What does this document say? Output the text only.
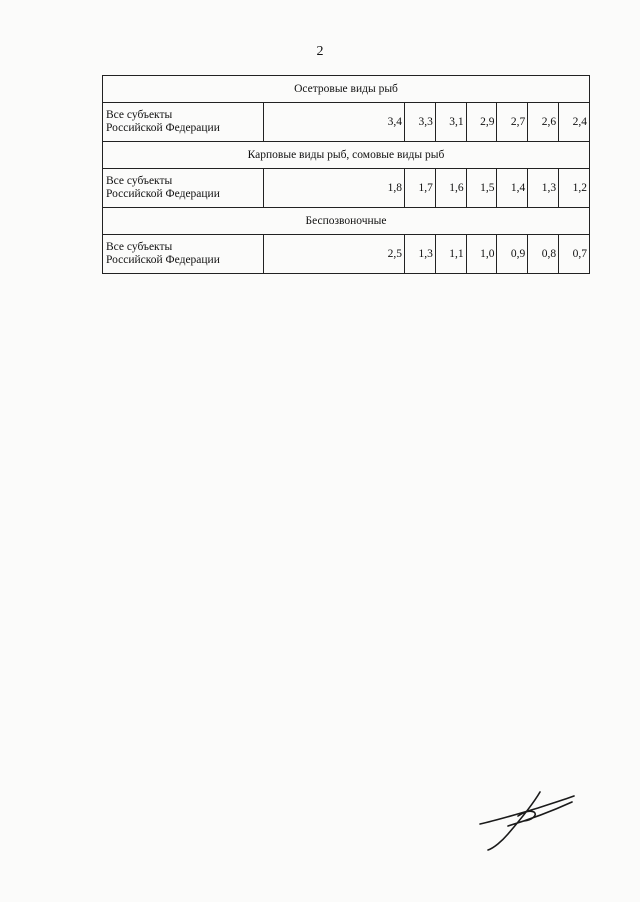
2
Осетровые виды рыб							

Все субъекты
Российской Федерации	3,4	3,3	3,1	2,9	2,7	2,6	2,4
Карповые виды рыб, сомовые виды рыб							

Все субъекты
Российской Федерации	1,8	1,7	1,6	1,5	1,4	1,3	1,2
Беспозвоночные							

Все субъекты
Российской Федерации	2,5	1,3	1,1	1,0	0,9	0,8	0,7
